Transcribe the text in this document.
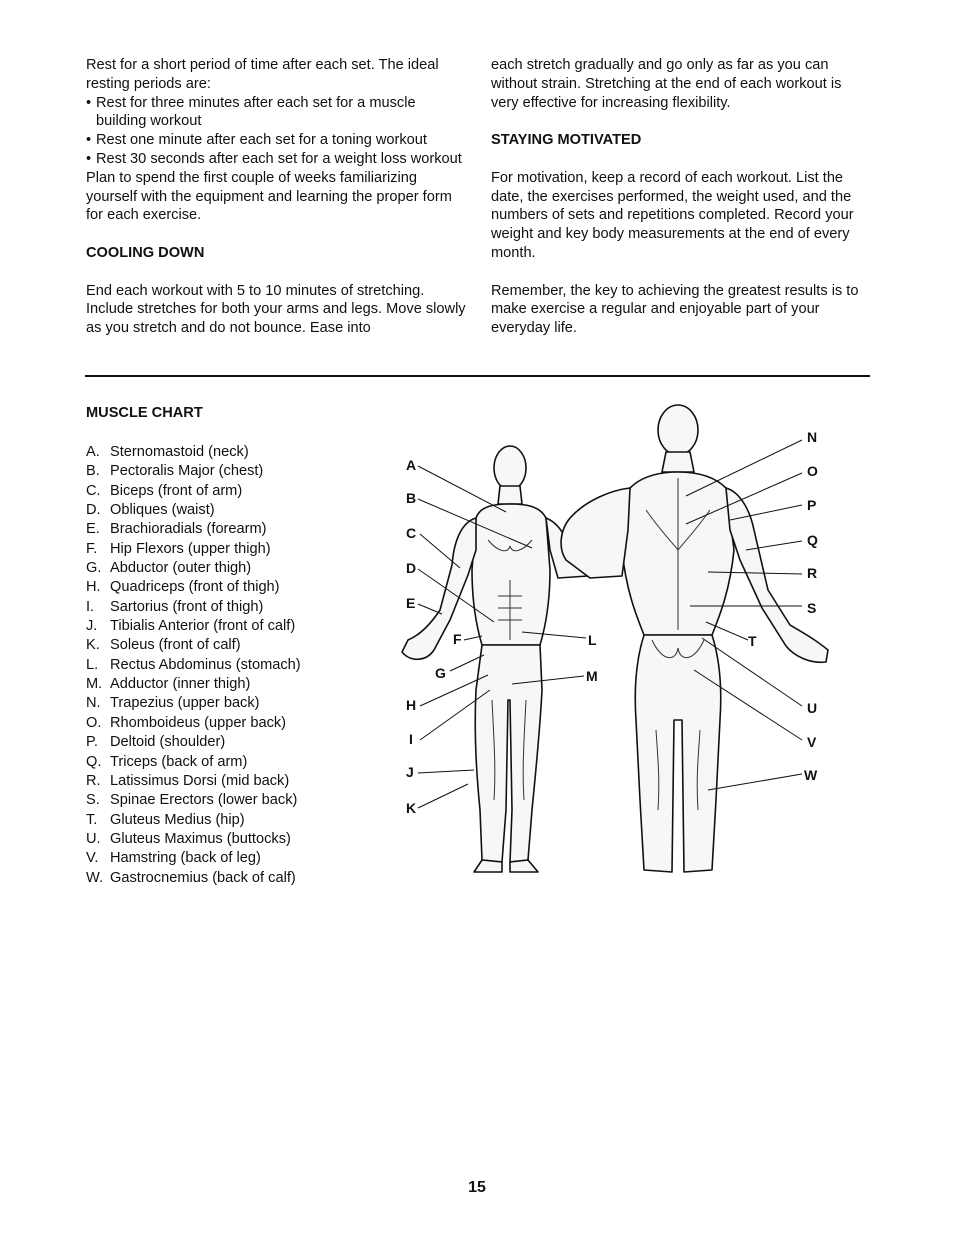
Rest for a short period of time after each set. The ideal resting periods are:

• Rest for three minutes after each set for a muscle building workout
• Rest one minute after each set for a toning workout
• Rest 30 seconds after each set for a weight loss workout

Plan to spend the first couple of weeks familiarizing yourself with the equipment and learning the proper form for each exercise.

COOLING DOWN

End each workout with 5 to 10 minutes of stretching. Include stretches for both your arms and legs. Move slowly as you stretch and do not bounce. Ease into

each stretch gradually and go only as far as you can without strain. Stretching at the end of each workout is very effective for increasing flexibility.

STAYING MOTIVATED

For motivation, keep a record of each workout. List the date, the exercises performed, the weight used, and the numbers of sets and repetitions completed. Record your weight and key body measurements at the end of every month.

Remember, the key to achieving the greatest results is to make exercise a regular and enjoyable part of your everyday life.

MUSCLE CHART
A. Sternomastoid (neck)
B. Pectoralis Major (chest)
C. Biceps (front of arm)
D. Obliques (waist)
E. Brachioradials (forearm)
F. Hip Flexors (upper thigh)
G. Abductor (outer thigh)
H. Quadriceps (front of thigh)
I. Sartorius (front of thigh)
J. Tibialis Anterior (front of calf)
K. Soleus (front of calf)
L. Rectus Abdominus (stomach)
M. Adductor (inner thigh)
N. Trapezius (upper back)
O. Rhomboideus (upper back)
P. Deltoid (shoulder)
Q. Triceps (back of arm)
R. Latissimus Dorsi (mid back)
S. Spinae Erectors (lower back)
T. Gluteus Medius (hip)
U. Gluteus Maximus (buttocks)
V. Hamstring (back of leg)
W. Gastrocnemius (back of calf)
A
B
C
D
E
F
G
H
I
J
K
L
M
N
O
P
Q
R
S
T
U
V
W
15
